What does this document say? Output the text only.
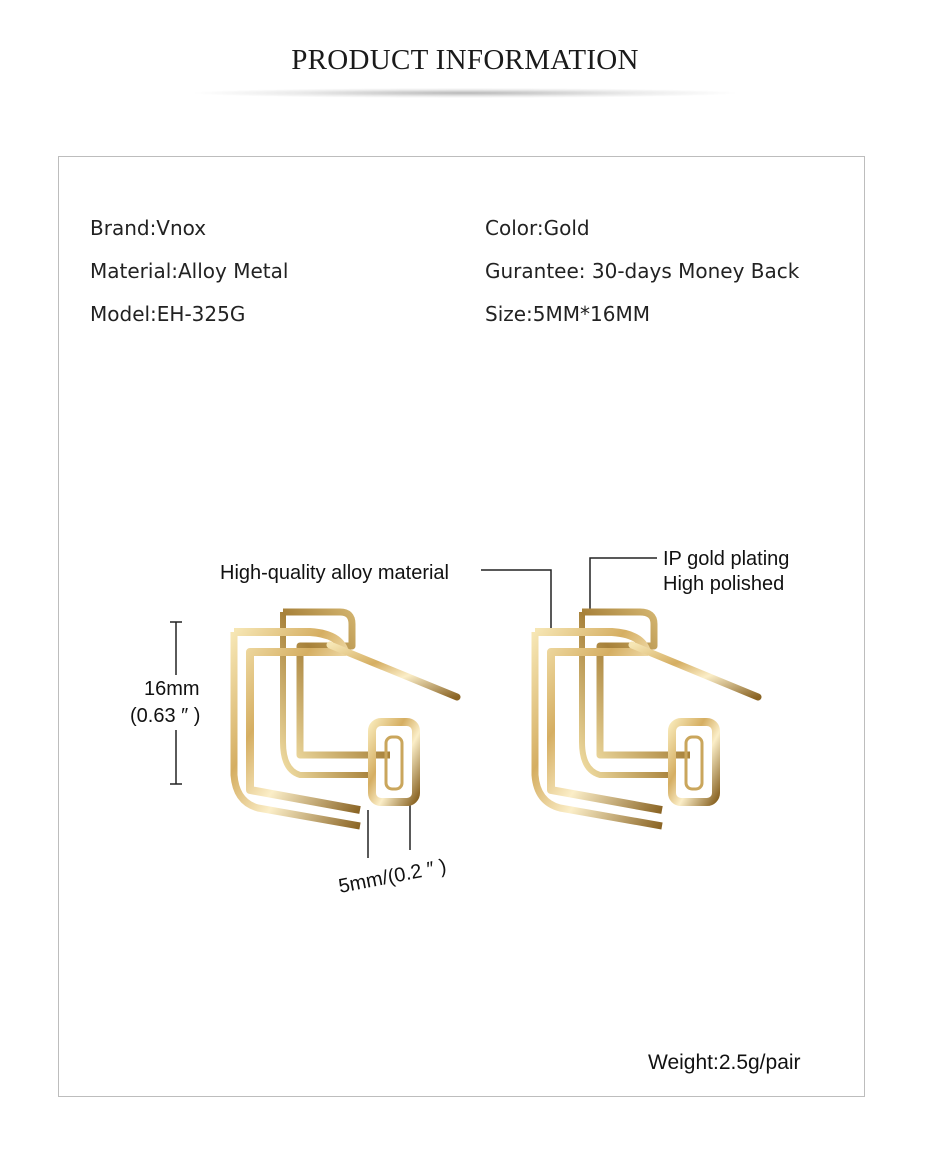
PRODUCT INFORMATION
Brand:Vnox
Material:Alloy Metal
Model:EH-325G
Color:Gold
Gurantee: 30-days Money Back
Size:5MM*16MM
High-quality alloy material
IP gold plating
High polished
16mm
(0.63 ″ )
5mm/(0.2 ″ )
Weight:2.5g/pair
